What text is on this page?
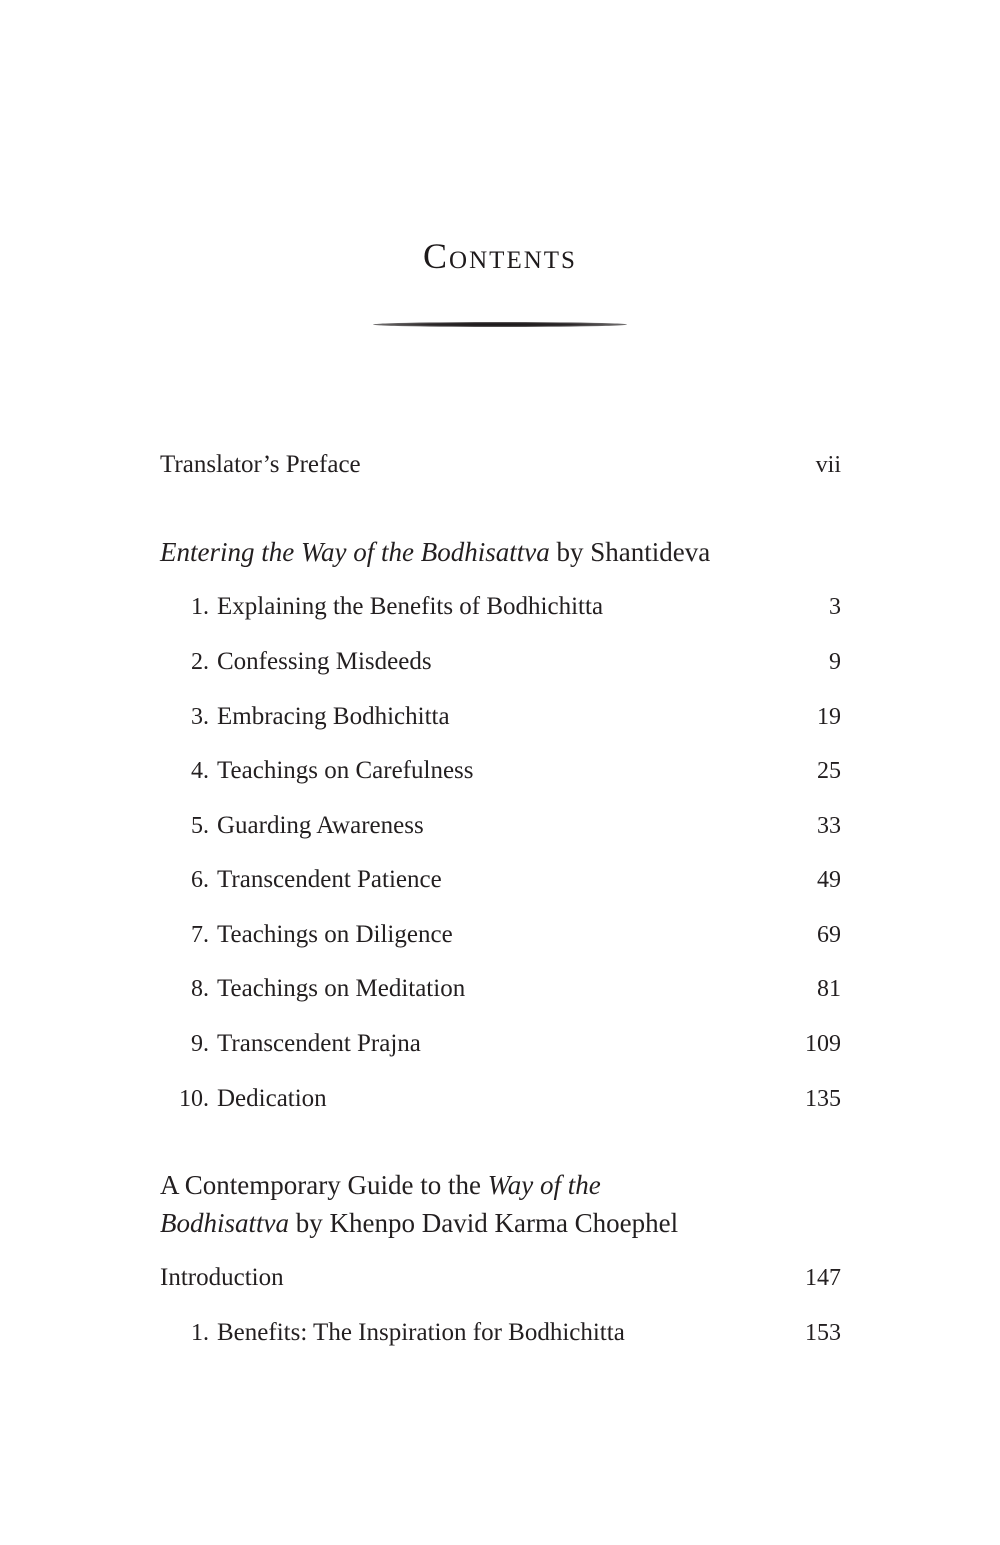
Contents
Translator’s Preface	vii
Entering the Way of the Bodhisattva by Shantideva
1. Explaining the Benefits of Bodhichitta	3
2. Confessing Misdeeds	9
3. Embracing Bodhichitta	19
4. Teachings on Carefulness	25
5. Guarding Awareness	33
6. Transcendent Patience	49
7. Teachings on Diligence	69
8. Teachings on Meditation	81
9. Transcendent Prajna	109
10. Dedication	135
A Contemporary Guide to the Way of the
Bodhisattva by Khenpo David Karma Choephel
Introduction	147
1. Benefits: The Inspiration for Bodhichitta	153
